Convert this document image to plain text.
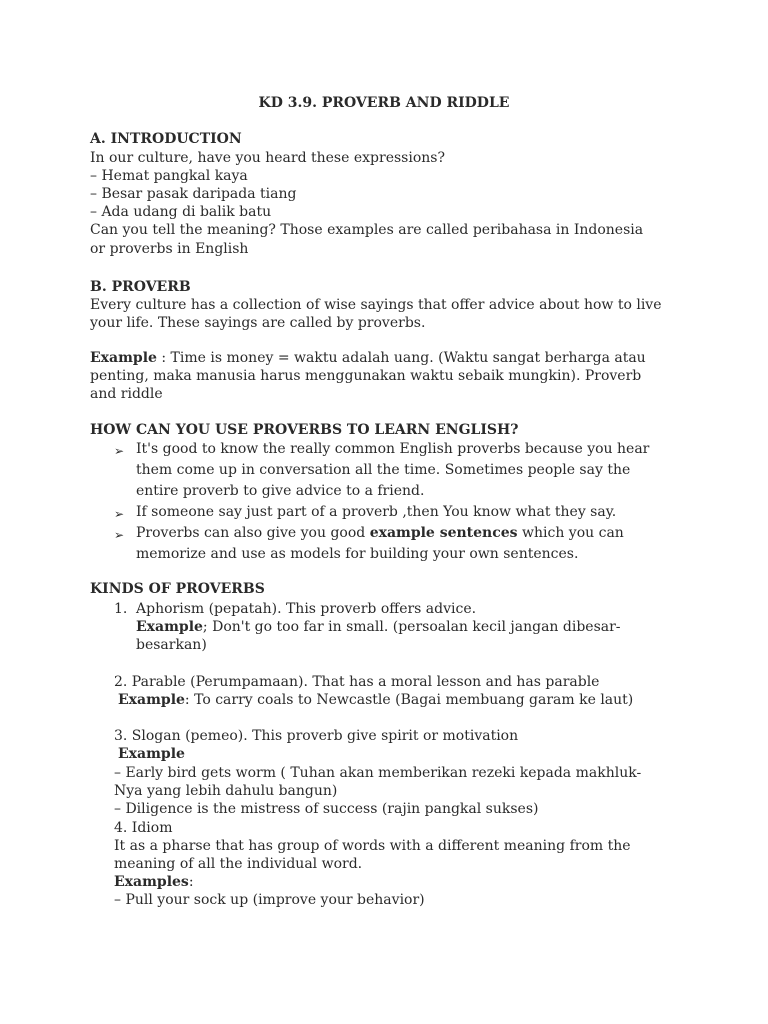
KD 3.9. PROVERB AND RIDDLE
A. INTRODUCTION
In our culture, have you heard these expressions?
– Hemat pangkal kaya
– Besar pasak daripada tiang
– Ada udang di balik batu
Can you tell the meaning? Those examples are called peribahasa in Indonesia
or proverbs in English
B. PROVERB
Every culture has a collection of wise sayings that offer advice about how to live
your life. These sayings are called by proverbs.
Example : Time is money = waktu adalah uang. (Waktu sangat berharga atau
penting, maka manusia harus menggunakan waktu sebaik mungkin). Proverb
and riddle
HOW CAN YOU USE PROVERBS TO LEARN ENGLISH?
➢ It's good to know the really common English proverbs because you hear
them come up in conversation all the time. Sometimes people say the
entire proverb to give advice to a friend.
➢ If someone say just part of a proverb ,then You know what they say.
➢ Proverbs can also give you good example sentences which you can
memorize and use as models for building your own sentences.
KINDS OF PROVERBS
1. Aphorism (pepatah). This proverb offers advice.
Example; Don't go too far in small. (persoalan kecil jangan dibesar-
besarkan)
2. Parable (Perumpamaan). That has a moral lesson and has parable
Example: To carry coals to Newcastle (Bagai membuang garam ke laut)
3. Slogan (pemeo). This proverb give spirit or motivation
Example
– Early bird gets worm ( Tuhan akan memberikan rezeki kepada makhluk-
Nya yang lebih dahulu bangun)
– Diligence is the mistress of success (rajin pangkal sukses)
4. Idiom
It as a pharse that has group of words with a different meaning from the
meaning of all the individual word.
Examples:
– Pull your sock up (improve your behavior)
